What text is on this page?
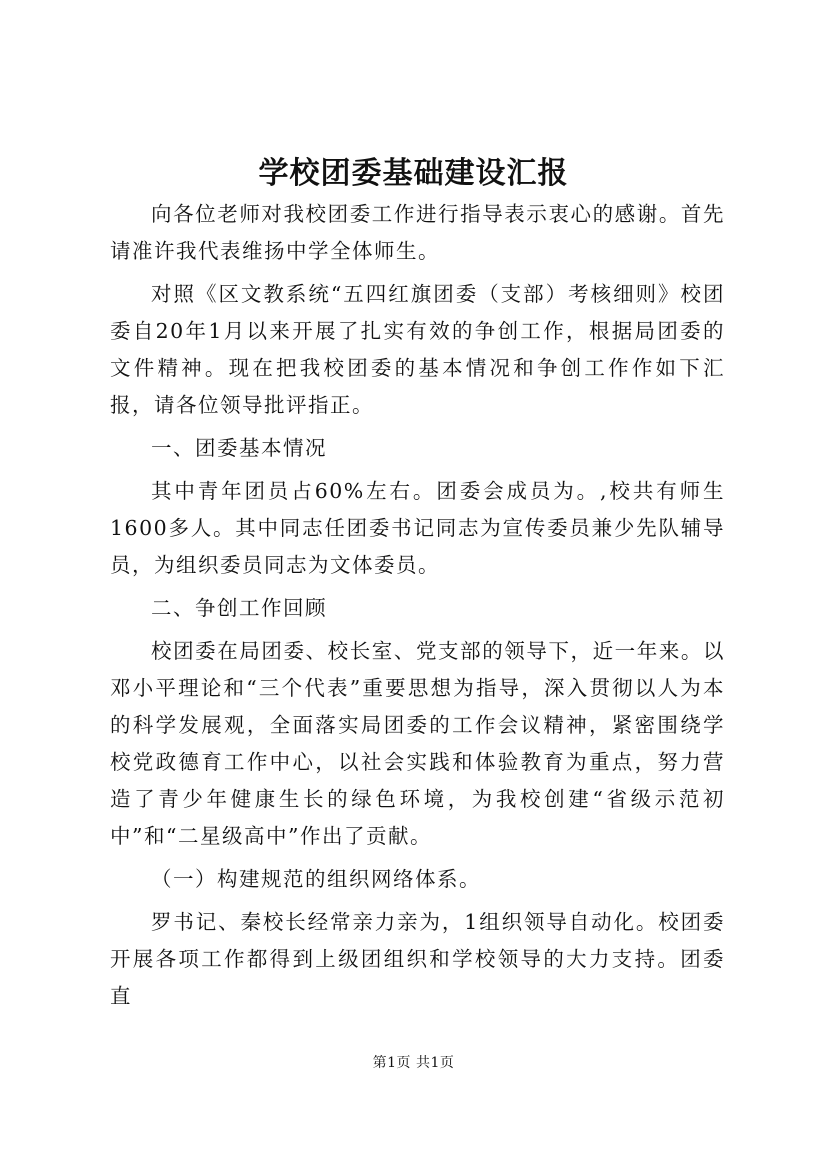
学校团委基础建设汇报

向各位老师对我校团委工作进行指导表示衷心的感谢。首先请准许我代表维扬中学全体师生。

对照《区文教系统“五四红旗团委（支部）考核细则》校团委自20年1月以来开展了扎实有效的争创工作，根据局团委的文件精神。现在把我校团委的基本情况和争创工作作如下汇报，请各位领导批评指正。

一、团委基本情况

其中青年团员占60%左右。团委会成员为。,校共有师生1600多人。其中同志任团委书记同志为宣传委员兼少先队辅导员，为组织委员同志为文体委员。

二、争创工作回顾

校团委在局团委、校长室、党支部的领导下，近一年来。以邓小平理论和“三个代表”重要思想为指导，深入贯彻以人为本的科学发展观，全面落实局团委的工作会议精神，紧密围绕学校党政德育工作中心，以社会实践和体验教育为重点，努力营造了青少年健康生长的绿色环境，为我校创建“省级示范初中”和“二星级高中”作出了贡献。

（一）构建规范的组织网络体系。

罗书记、秦校长经常亲力亲为，1组织领导自动化。校团委开展各项工作都得到上级团组织和学校领导的大力支持。团委直

第1页 共1页
